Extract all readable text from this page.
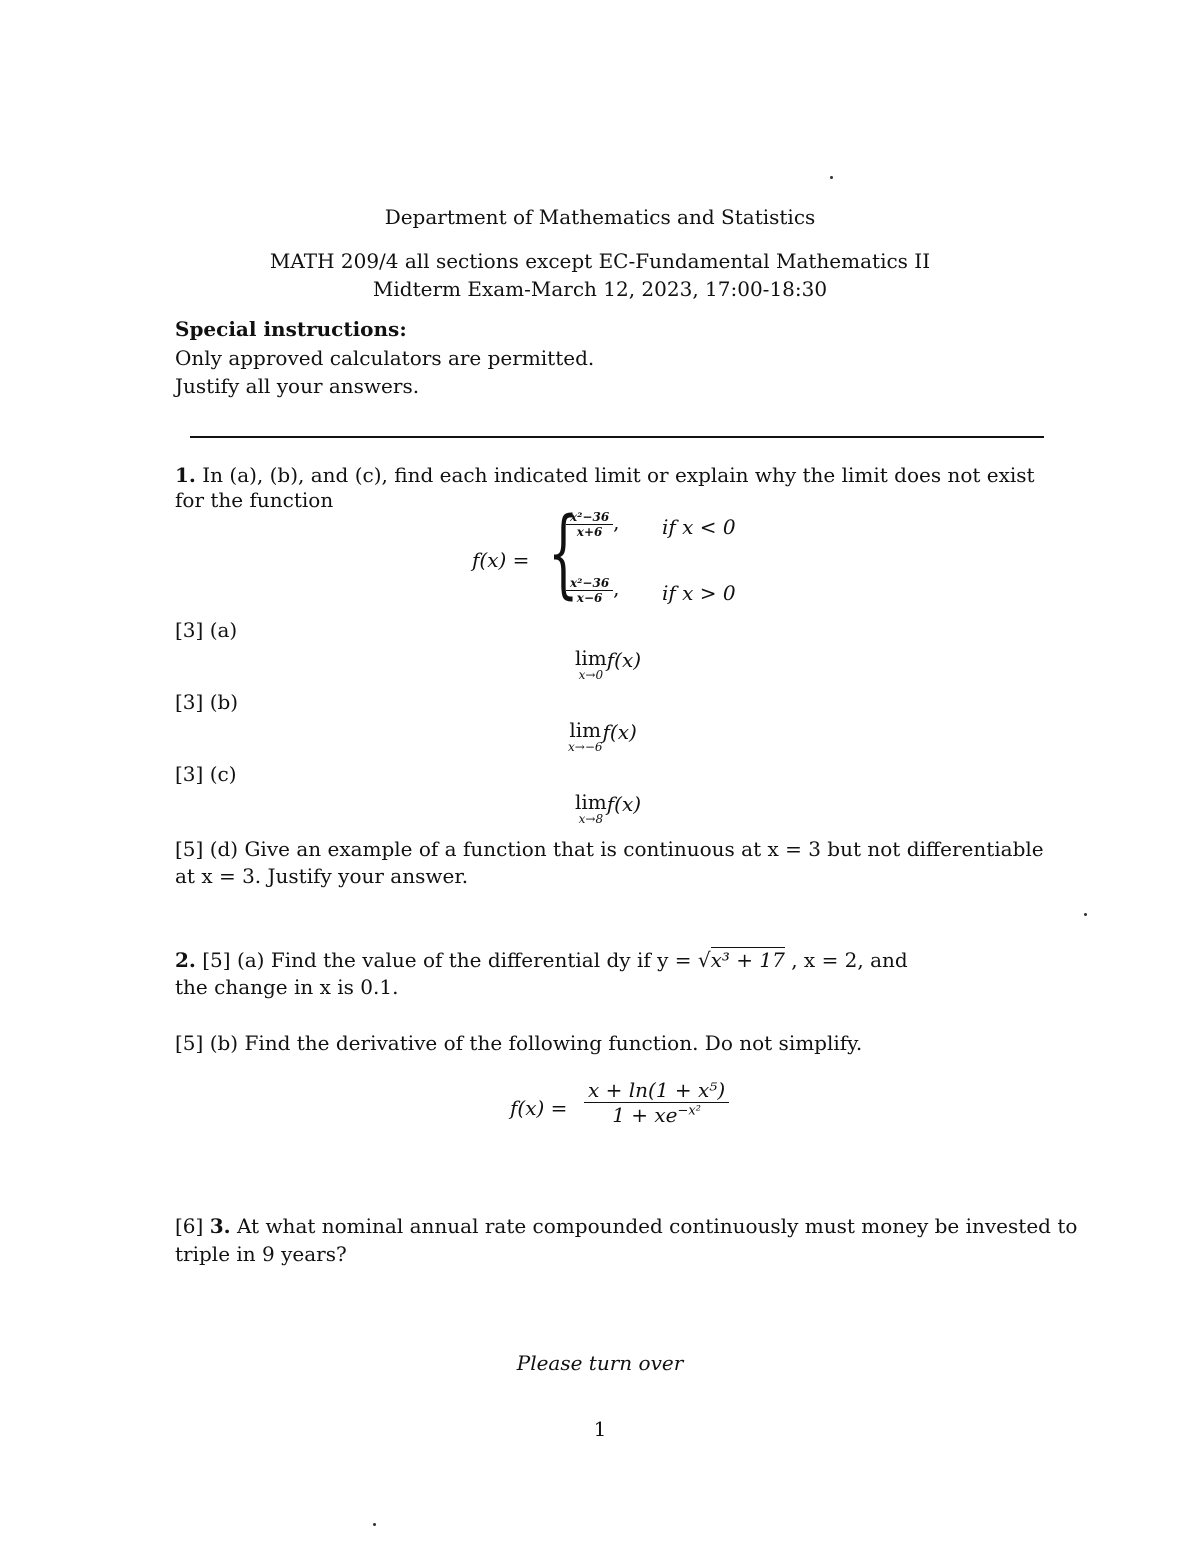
Department of Mathematics and Statistics
MATH 209/4 all sections except EC-Fundamental Mathematics II
Midterm Exam-March 12, 2023, 17:00-18:30
Special instructions:
Only approved calculators are permitted.
Justify all your answers.
1. In (a), (b), and (c), find each indicated limit or explain why the limit does not exist
for the function
f(x) = {
$\frac{\text{x²−36}}{x+6}$ , if x < 0
$\frac{\text{x²−36}}{x-6}$ , if x > 0
[3] (a)
lim
x→0
f(x)
[3] (b)
lim
x→−6
f(x)
[3] (c)
lim
x→8
f(x)
[5] (d) Give an example of a function that is continuous at x = 3 but not differentiable
at x = 3. Justify your answer.
2. [5] (a) Find the value of the differential dy if y = √x³ + 17 , x = 2, and
the change in x is 0.1.
[5] (b) Find the derivative of the following function. Do not simplify.
$f(x) = \frac{\text{x + ln(1 + x⁵)}}{1 + xe^{-x^2}}$
[6] 3. At what nominal annual rate compounded continuously must money be invested to
triple in 9 years?
Please turn over
1
